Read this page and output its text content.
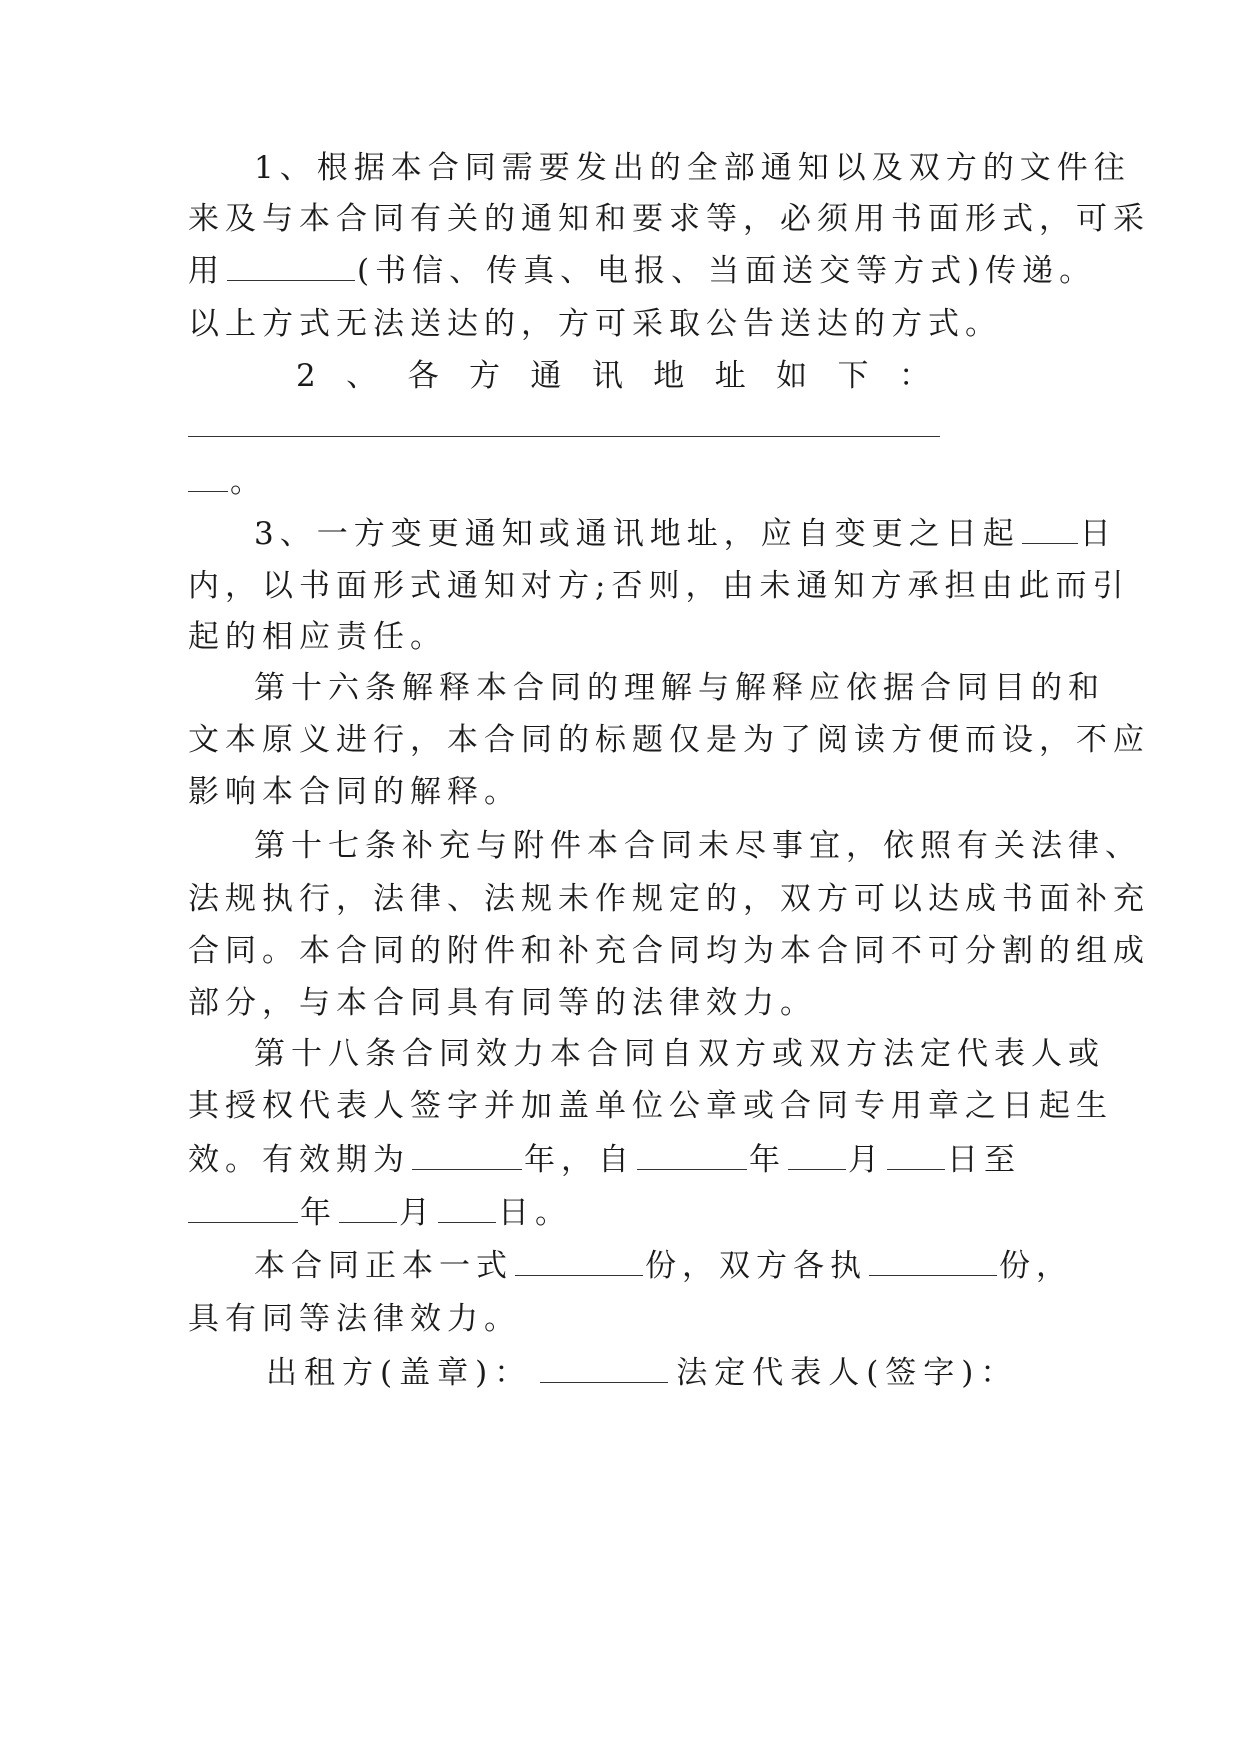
1、根据本合同需要发出的全部通知以及双方的文件往
来及与本合同有关的通知和要求等，必须用书面形式，可采
用	(书信、传真、电报、当面送交等方式)传递。
以上方式无法送达的，方可采取公告送达的方式。
2 、 各 方 通 讯 地 址 如 下 ：
。
3、一方变更通知或通讯地址，应自变更之日起 日
内，以书面形式通知对方;否则，由未通知方承担由此而引
起的相应责任。
第十六条解释本合同的理解与解释应依据合同目的和
文本原义进行，本合同的标题仅是为了阅读方便而设，不应
影响本合同的解释。
第十七条补充与附件本合同未尽事宜，依照有关法律、
法规执行，法律、法规未作规定的，双方可以达成书面补充
合同。本合同的附件和补充合同均为本合同不可分割的组成
部分，与本合同具有同等的法律效力。
第十八条合同效力本合同自双方或双方法定代表人或
其授权代表人签字并加盖单位公章或合同专用章之日起生
效。有效期为	年，自	年 月 日至
年 月 日。
本合同正本一式	份，双方各执	份，
具有同等法律效力。
出租方(盖章)：	法定代表人(签字)：
